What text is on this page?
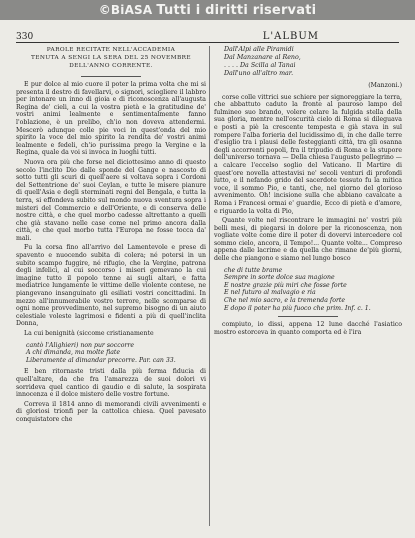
©BiASA Tutti i diritti riservati
330	L'ALBUM
PAROLE RECITATE NELL'ACCADEMIA
TENUTA A SENGI LA SERA DEL 25 NOVEMBRE
DELL'ANNO CORRENTE.

E pur dolce al mio cuore il poter la prima volta che mi si presenta il destro di favellarvi, o signori, sciogliere il labbro per intonare un inno di gioia e di riconoscenza all'augusta Regina de' cieli, a cui la vostra pietà e la gratitudine de' vostri animi lealmente e sentimentalmente fanno l'oblazione, è un prelibo, ch'io non doveva attendermi. Mescerò adunque colle pie voci in quest'onda del mio spirito la voce del mio spirito la rendita de' vostri animi lealmente e fedeli, ch'io purissima prego la Vergine e la Regina, quale da voi si invoca in luoghi tutti.

Nuova ora più che forse nel diciottesimo anno di questo secolo l'inclito Dio dalle sponde del Gange e nascosto di sotto tutti gli scuri di quell'aere si voltava sopra i Cordoni del Settentrione de' suoi Ceylan, e tutte le misere pianure di quell'Asia e degli sterminati regni del Bengala, e tutta la terra, si effondeva subito sul mondo nuova sventura sopra i misteri del Commercio e dell'Oriente, e di conserva delle nostre città, e che quel morbo cadesse altrettanto a quelli che già stavano nelle case come nel primo ancora dalla città, e che quel morbo tutta l'Europa ne fosse tocca da' mali.

Fu la corsa fino all'arrivo del Lamentevole e prese di spavento e nuocendo subita di colera; né potersi in un subito scampo fuggire, né rifugio, che la Vergine, patrona degli infelici, al cui soccorso i miseri gemevano la cui imagine tutto il popolo tenne ai sugli altari, e fatta mediatrice lungamente le vittime delle violente contese, ne piangevano insanguinato gli esiliati vostri concittadini. In mezzo all'innumerabile vostro terrore, nelle scomparse di ogni nome provvedimento, nel supremo bisogno di un aiuto celestiale voleste lagrimosi e fidenti a più di quell'inclita Donna,

La cui benignità (siccome cristianamente

cantò l'Alighieri) non pur soccorre
A chi dimanda, ma molte fiate
Liberamente al dimandar precorre. Par. can 33.

E ben ritornaste tristi dalla più ferma fiducia di quell'altare, da che fra l'amarezza de suoi dolori vi sorrideva quel cantico di gaudio e di salute, la sospirata innocenza e il dolce mistero delle vostre fortune.

Correva il 1814 anno di memorandi civili avvenimenti e di gloriosi trionfi per la cattolica chiesa. Quel pavesato conquistatore che

Dall'Alpi alle Piramidi
Dal Manzanare al Reno,
. . . . Da Scilla al Tanai
Dall'uno all'altro mar.
(Manzoni.)

corse colle vittrici sue schiere per signoreggiare la terra, che abbattuto caduto la fronte al pauroso lampo del fulmineo suo brando, volere celare la fulgida stella della sua gloria, mentre nell'oscurità cielo di Roma si dileguava e posti a piè la crescente tempesta e già stava in sul rompere l'alba forieria del lucidissimo di, in che dalle terre d'esiglio tra i plausi delle festeggianti città, tra gli osanna degli accorrenti popoli, fra il tripudio di Roma e la stupore dell'universo tornava — Della chiesa l'augusto pellegrino — a calcare l'eccelso soglio del Vaticano. Il Martire di quest'ore novella attestavisi ne' secoli venturi di profondi lutto, e il nefando grido del sacerdote tessuto fu la mitica voce, il sommo Pio, e tanti, che, nel giorno del glorioso avvenimento. Oh! incisione sulla che abbiano cavalcate a Roma i Francesi ormai e' guardie, Ecco di pietà e d'amore, e riguardo la volta di Pio,

Quante volte nel riscontrare le immagini ne' vostri più belli mesi, di piegarsi in dolore per la riconoscenza, non vogliate volte come dire il poter di dovervi intercedere col sommo cielo, ancora, il Tempo!... Quante volte... Compreso appena dalle lacrime e da quella che rimane de'più giorni, delle che piangono e siamo nel lungo bosco

che di tutte brame
Sempre in sorte dolce sua magione
E nostre grazie più miri che fosse forte
E nel futuro al malvagio e ria
Che nel mio sacro, e la tremenda forte
E dopo il poter ha più fuoco che prim. Inf. c. 1.

compiuto, io dissi, appena 12 lune dacché l'asiatico mostro estorceva in quanto comporta ed è l'ira
